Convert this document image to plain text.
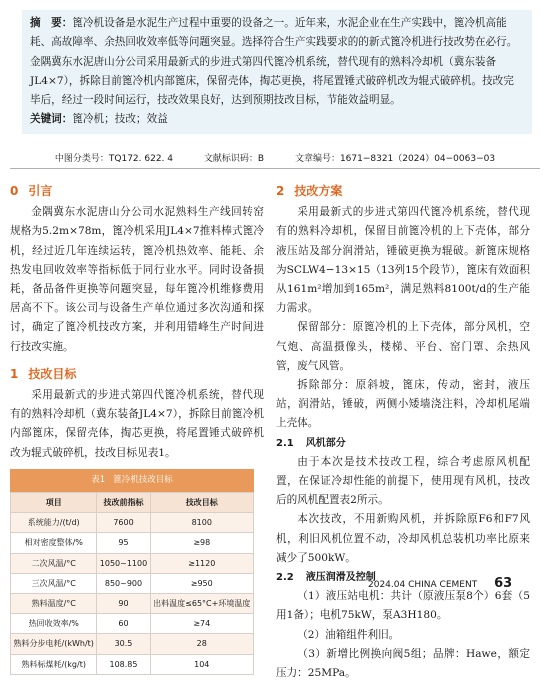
摘　要：篦冷机设备是水泥生产过程中重要的设备之一。近年来，水泥企业在生产实践中，篦冷机高能耗、高故障率、余热回收效率低等问题突显。选择符合生产实践要求的的新式篦冷机进行技改势在必行。金隅冀东水泥唐山分公司采用最新式的步进式第四代篦冷机系统，替代现有的熟料冷却机（冀东装备JL4×7），拆除目前篦冷机内部篦床，保留壳体，掏芯更换，将尾置锤式破碎机改为辊式破碎机。技改完毕后，经过一段时间运行，技改效果良好，达到预期技改目标，节能效益明显。
关键词：篦冷机；技改；效益
中图分类号：TQ172. 622. 4	文献标识码：B	文章编号：1671−8321（2024）04−0063−03
0 引言

金隅冀东水泥唐山分公司水泥熟料生产线回转窑规格为5.2m×78m，篦冷机采用JL4×7推料棒式篦冷机，经过近几年连续运转，篦冷机热效率、能耗、余热发电回收效率等指标低于同行业水平。同时设备损耗，备品备件更换等问题突显，每年篦冷机维修费用居高不下。该公司与设备生产单位通过多次沟通和探讨，确定了篦冷机技改方案，并利用错峰生产时间进行技改实施。

1 技改目标

采用最新式的步进式第四代篦冷机系统，替代现有的熟料冷却机（冀东装备JL4×7），拆除目前篦冷机内部篦床，保留壳体，掏芯更换，将尾置锤式破碎机改为辊式破碎机，技改目标见表1。

表1 篦冷机技改目标
项目	技改前指标	技改目标
系统能力/(t/d)	7600	8100
相对密度整体/%	95	≥98
二次风温/°C	1050~1100	≥1120
三次风温/°C	850~900	≥950
熟料温度/°C	90	出料温度≤65°C+环境温度
热回收效率/%	60	≥74
熟料分步电耗/(kWh/t)	30.5	28
熟料标煤耗/(kg/t)	108.85	104
2 技改方案

采用最新式的步进式第四代篦冷机系统，替代现有的熟料冷却机，保留目前篦冷机的上下壳体，部分液压站及部分润滑站，锤破更换为辊破。新篦床规格为SCLW4−13×15（13列15个段节），篦床有效面积从161m²增加到165m²，满足熟料8100t/d的生产能力需求。

保留部分：原篦冷机的上下壳体，部分风机，空气炮、高温摄像头，楼梯、平台、窑门罩、余热风管，废气风管。

拆除部分：原斜坡，篦床，传动，密封，液压站，润滑站，锤破，两侧小矮墙浇注料，冷却机尾端上壳体。

2.1 风机部分

由于本次是技术技改工程，综合考虑原风机配置，在保证冷却性能的前提下，使用现有风机，技改后的风机配置表2所示。

本次技改，不用新购风机，并拆除原F6和F7风机，利旧风机位置不动，冷却风机总装机功率比原来减少了500kW。

2.2 液压润滑及控制

（1）液压站电机：共计（原液压泵8个）6套（5用1备）；电机75kW，泵A3H180。

（2）油箱组件利旧。

（3）新增比例换向阀5组；品牌：Hawe，额定压力：25MPa。

2024.04 CHINA CEMENT 63
